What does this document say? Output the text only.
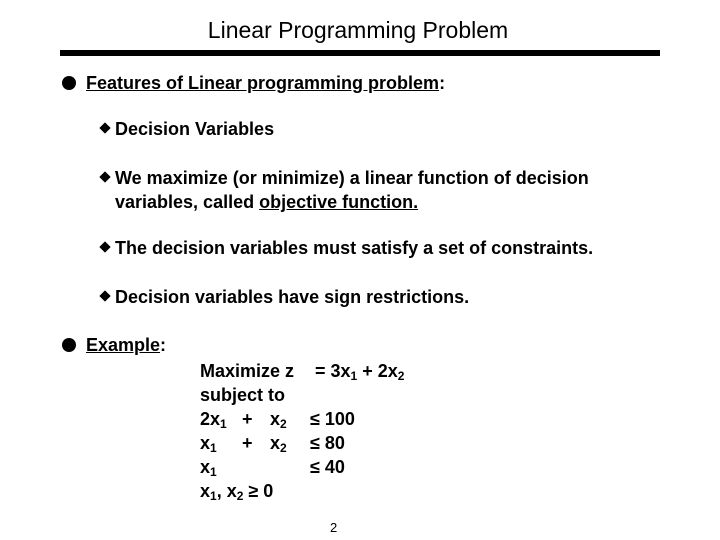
Linear Programming Problem
Features of Linear programming problem:
Decision Variables
We maximize (or minimize) a linear function of decision
variables, called objective function.
The decision variables must satisfy a set of constraints.
Decision variables have sign restrictions.
Example:
Maximize $z = 3x_1 + 2x_2$
subject to
$2x_1 + x_2 \le 100$
$x_1 + x_2 \le 80$
$x_1$	≤ 40
$x_1$, $x_2 \ge 0$
2
